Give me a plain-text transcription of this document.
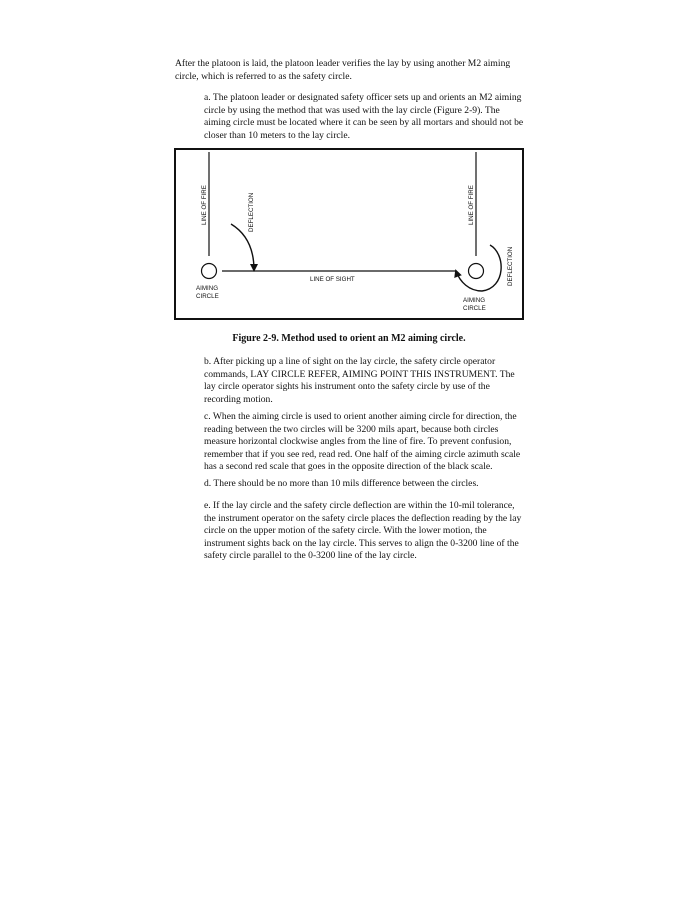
After the platoon is laid, the platoon leader verifies the lay by using another M2 aiming circle, which is referred to as the safety circle.

a. The platoon leader or designated safety officer sets up and orients an M2 aiming circle by using the method that was used with the lay circle (Figure 2-9). The aiming circle must be located where it can be seen by all mortars and should not be closer than 10 meters to the lay circle.

LINE OF FIRE	DEFLECTION
AIMING
CIRCLE
LINE OF SIGHT
LINE OF FIRE
DEFLECTION
AIMING
CIRCLE

Figure 2-9. Method used to orient an M2 aiming circle.

b. After picking up a line of sight on the lay circle, the safety circle operator commands, LAY CIRCLE REFER, AIMING POINT THIS INSTRUMENT. The lay circle operator sights his instrument onto the safety circle by use of the recording motion.

c. When the aiming circle is used to orient another aiming circle for direction, the reading between the two circles will be 3200 mils apart, because both circles measure horizontal clockwise angles from the line of fire. To prevent confusion, remember that if you see red, read red. One half of the aiming circle azimuth scale has a second red scale that goes in the opposite direction of the black scale.

d. There should be no more than 10 mils difference between the circles.

e. If the lay circle and the safety circle deflection are within the 10-mil tolerance, the instrument operator on the safety circle places the deflection reading by the lay circle on the upper motion of the safety circle. With the lower motion, the instrument sights back on the lay circle. This serves to align the 0-3200 line of the safety circle parallel to the 0-3200 line of the lay circle.
